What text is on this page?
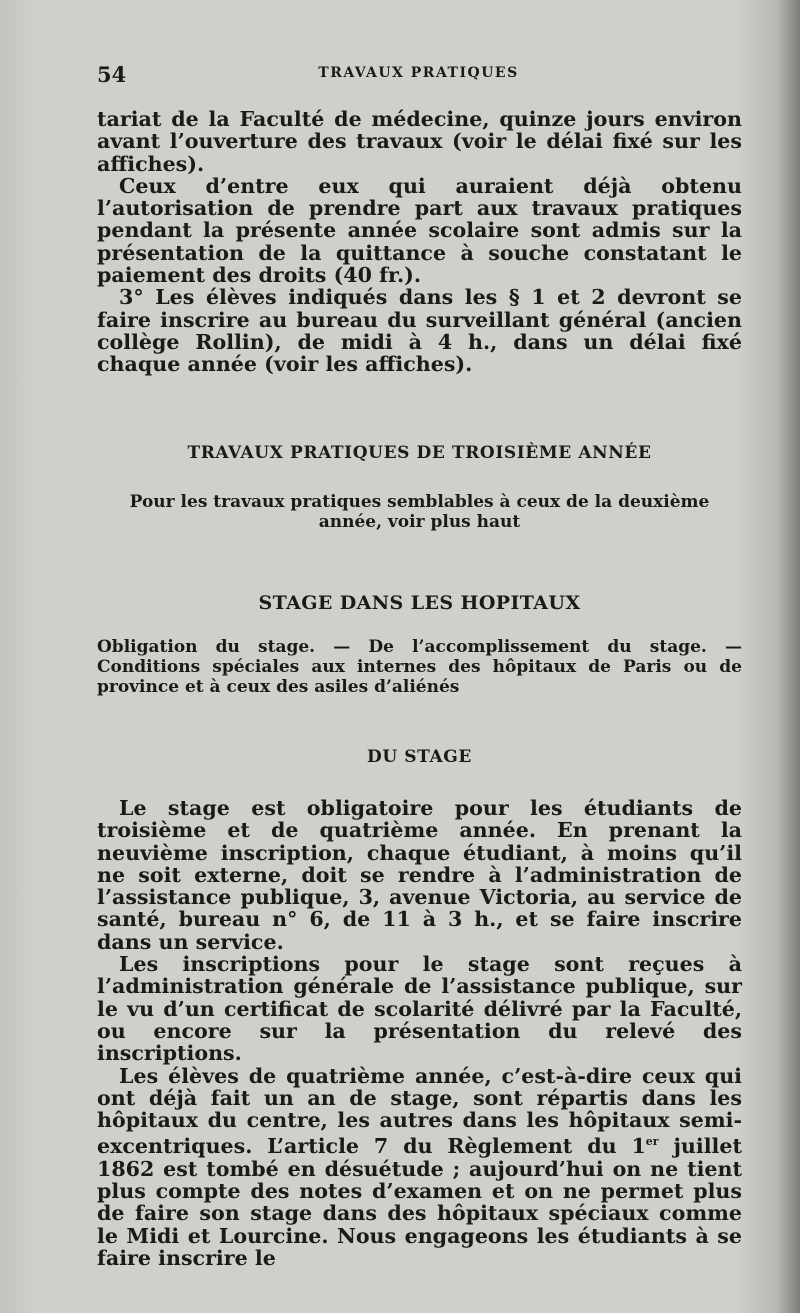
54	TRAVAUX PRATIQUES

tariat de la Faculté de médecine, quinze jours environ avant l’ouverture des travaux (voir le délai fixé sur les affiches).

Ceux d’entre eux qui auraient déjà obtenu l’autorisation de prendre part aux travaux pratiques pendant la présente année scolaire sont admis sur la présentation de la quittance à souche constatant le paiement des droits (40 fr.).

3° Les élèves indiqués dans les § 1 et 2 devront se faire inscrire au bureau du surveillant général (ancien collège Rollin), de midi à 4 h., dans un délai fixé chaque année (voir les affiches).

TRAVAUX PRATIQUES DE TROISIÈME ANNÉE
Pour les travaux pratiques semblables à ceux de la deuxième année, voir plus haut
STAGE DANS LES HOPITAUX
Obligation du stage. — De l’accomplissement du stage. — Conditions spéciales aux internes des hôpitaux de Paris ou de province et à ceux des asiles d’aliénés
DU STAGE

Le stage est obligatoire pour les étudiants de troisième et de quatrième année. En prenant la neuvième inscription, chaque étudiant, à moins qu’il ne soit externe, doit se rendre à l’administration de l’assistance publique, 3, avenue Victoria, au service de santé, bureau n° 6, de 11 à 3 h., et se faire inscrire dans un service.

Les inscriptions pour le stage sont reçues à l’administration générale de l’assistance publique, sur le vu d’un certificat de scolarité délivré par la Faculté, ou encore sur la présentation du relevé des inscriptions.

Les élèves de quatrième année, c’est-à-dire ceux qui ont déjà fait un an de stage, sont répartis dans les hôpitaux du centre, les autres dans les hôpitaux semi-excentriques. L’article 7 du Règlement du 1er juillet 1862 est tombé en désuétude ; aujourd’hui on ne tient plus compte des notes d’examen et on ne permet plus de faire son stage dans des hôpitaux spéciaux comme le Midi et Lourcine. Nous engageons les étudiants à se faire inscrire le
